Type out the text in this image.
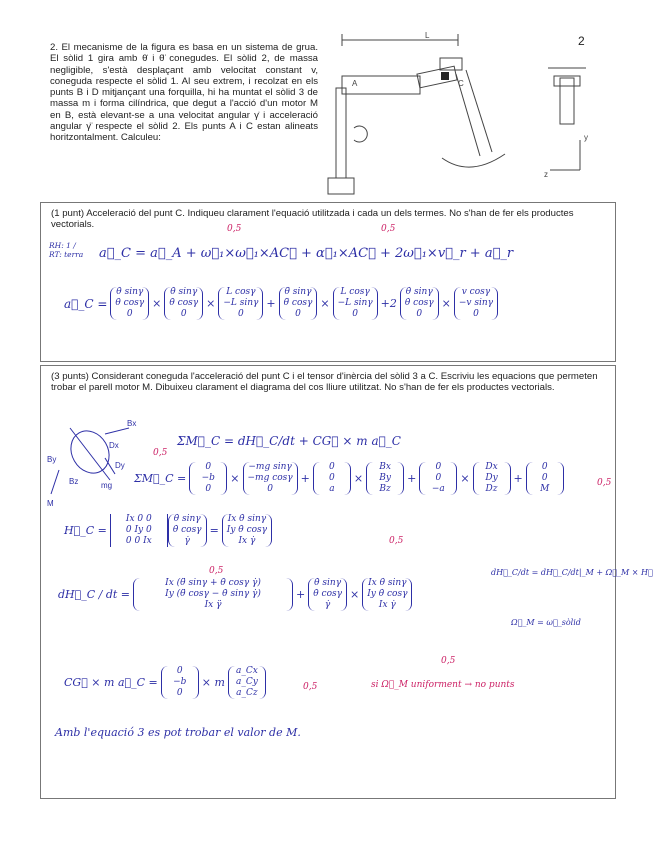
2
2. El mecanisme de la figura es basa en un sistema de grua. El sòlid 1 gira amb θ̇ i θ̈ conegudes. El sòlid 2, de massa negligible, s'està desplaçant amb velocitat constant v, coneguda respecte el sòlid 1. Al seu extrem, i recolzat en els punts B i D mitjançant una forquilla, hi ha muntat el sòlid 3 de massa m i forma cilíndrica, que degut a l'acció d'un motor M en B, està elevant-se a una velocitat angular γ̇ i acceleració angular γ̈ respecte el sòlid 2. Els punts A i C estan alineats horitzontalment. Calculeu:
L
A	C
y
z
(1 punt) Acceleració del punt C. Indiqueu clarament l'equació utilitzada i cada un dels termes. No s'han de fer els productes vectorials.
RH: 1 / RT: terra	a⃗_C = a⃗_A + ω⃗₁×ω⃗₁×AC⃗ + α⃗₁×AC⃗ + 2ω⃗₁×v⃗_r + a⃗_r
0,5	0,5
a⃗_C =
θ̇ sinγ
θ̇ cosγ
0
×
θ̇ sinγ
θ̇ cosγ
0
×
L cosγ
−L sinγ
0
+
θ̈ sinγ
θ̈ cosγ
0
×
L cosγ
−L sinγ
0
+2
θ̇ sinγ
θ̇ cosγ
0
×
v cosγ
−v sinγ
0
(3 punts) Considerant coneguda l'acceleració del punt C i el tensor d'inèrcia del sòlid 3 a C. Escriviu les equacions que permeten trobar el parell motor M. Dibuixeu clarament el diagrama del cos lliure utilitzat. No s'han de fer els productes vectorials.
Bx
By
Bz	mg
M
Dx
Dy
ΣM⃗_C = dH⃗_C/dt + CG⃗ × m a⃗_C
ΣM⃗_C =
0
−b
0
×
−mg sinγ
−mg cosγ
0
+
0
0
a
×
Bx
By
Bz
+
0
0
−a
×
Dx
Dy
Dz
+
0
0
M
H⃗_C =
Ix 0 0
0 Iy 0
0 0 Ix
θ̇ sinγ
θ̇ cosγ
γ̇
=
Ix θ̇ sinγ
Iy θ̇ cosγ
Ix γ̇
dH⃗_C / dt =
Ix (θ̈ sinγ + θ̇ cosγ γ̇)
Iy (θ̈ cosγ − θ̇ sinγ γ̇)
Ix γ̈
+
θ̇ sinγ
θ̇ cosγ
γ̇
×
Ix θ̇ sinγ
Iy θ̇ cosγ
Ix γ̇
dH⃗_C/dt = dH⃗_C/dt|_M + Ω⃗_M × H⃗
Ω⃗_M = ω⃗_sòlid
CG⃗ × m a⃗_C =
0
−b
0
× m
a_Cx
a_Cy
a_Cz
si Ω⃗_M uniforment → no punts
Amb l'equació 3 es pot trobar el valor de M.
0,5
0,5
0,5
0,5
0,5
0,5
